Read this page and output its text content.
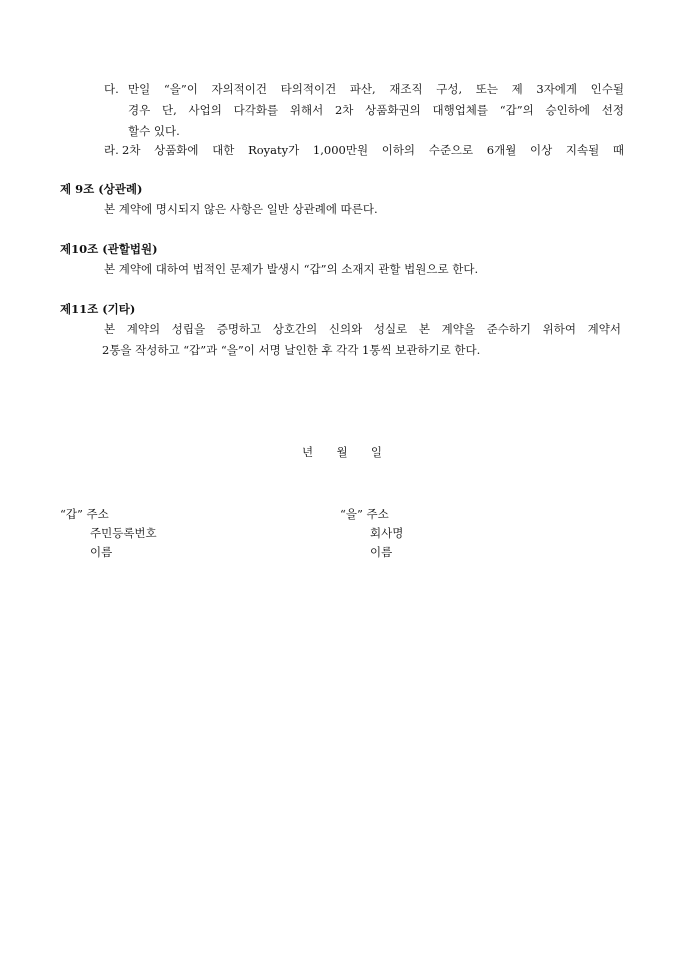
다. 만일 “을”이 자의적이건 타의적이건 파산, 재조직 구성, 또는 제 3자에게 인수될
경우 단, 사업의 다각화를 위해서 2차 상품화권의 대행업체를 “갑”의 승인하에 선정
할수 있다.
라. 2차 상품화에 대한 Royaty가 1,000만원 이하의 수준으로 6개월 이상 지속될 때
제 9조 (상관례)
본 계약에 명시되지 않은 사항은 일반 상관례에 따른다.
제10조 (관할법원)
본 계약에 대하여 법적인 문제가 발생시 “갑”의 소재지 관할 법원으로 한다.
제11조 (기타)
본 계약의 성립을 증명하고 상호간의 신의와 성실로 본 계약을 준수하기 위하여 계약서
2통을 작성하고 “갑”과 “을”이 서명 날인한 후 각각 1통씩 보관하기로 한다.
년 월 일
“갑” 주소
주민등록번호
이름
“을” 주소
회사명
이름
